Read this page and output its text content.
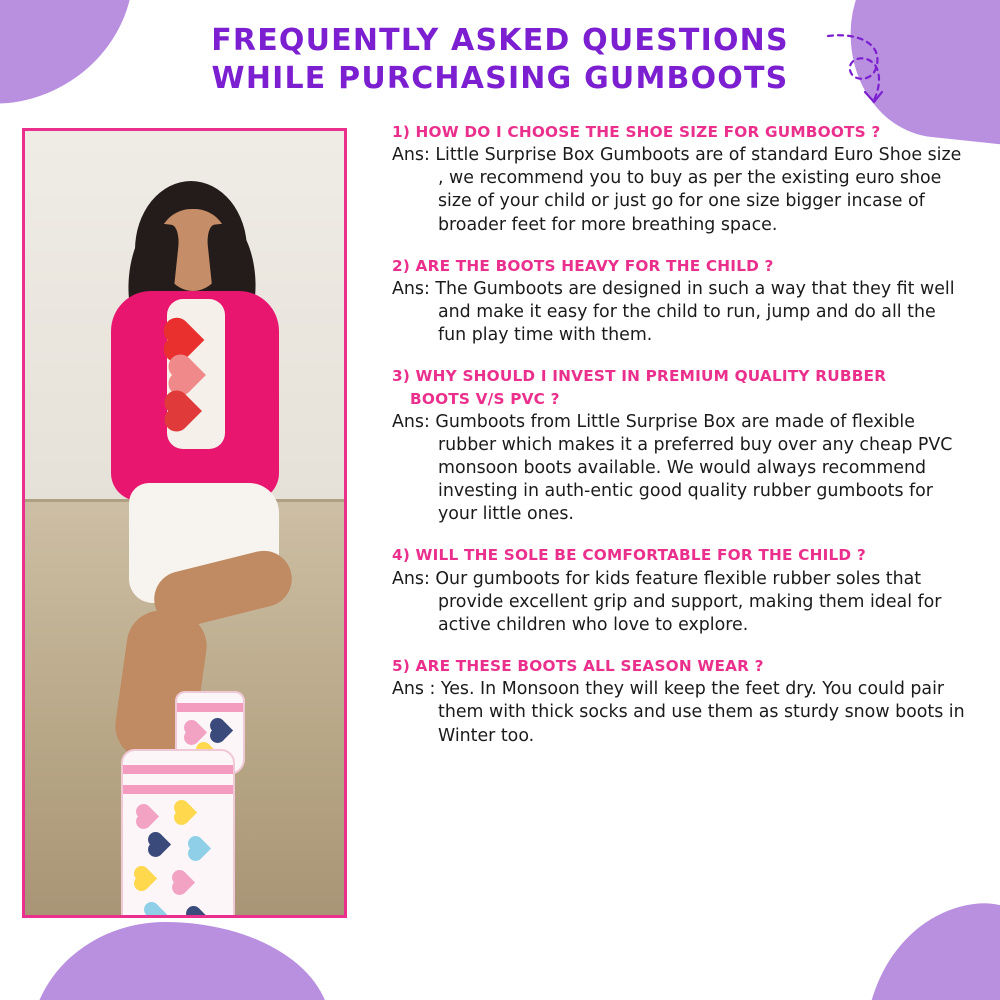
FREQUENTLY ASKED QUESTIONS
WHILE PURCHASING GUMBOOTS

1) HOW DO I CHOOSE THE SHOE SIZE FOR GUMBOOTS ?

Ans: Little Surprise Box Gumboots are of standard Euro Shoe size , we recommend you to buy as per the existing euro shoe size of your child or just go for one size bigger incase of broader feet for more breathing space.

2) ARE THE BOOTS HEAVY FOR THE CHILD ?

Ans: The Gumboots are designed in such a way that they fit well and make it easy for the child to run, jump and do all the fun play time with them.

3) WHY SHOULD I INVEST IN PREMIUM QUALITY RUBBER

BOOTS V/S PVC ?

Ans: Gumboots from Little Surprise Box are made of flexible rubber which makes it a preferred buy over any cheap PVC monsoon boots available. We would always recommend investing in auth-entic good quality rubber gumboots for your little ones.

4) WILL THE SOLE BE COMFORTABLE FOR THE CHILD ?

Ans: Our gumboots for kids feature flexible rubber soles that provide excellent grip and support, making them ideal for active children who love to explore.

5) ARE THESE BOOTS ALL SEASON WEAR ?

Ans : Yes. In Monsoon they will keep the feet dry. You could pair them with thick socks and use them as sturdy snow boots in Winter too.
